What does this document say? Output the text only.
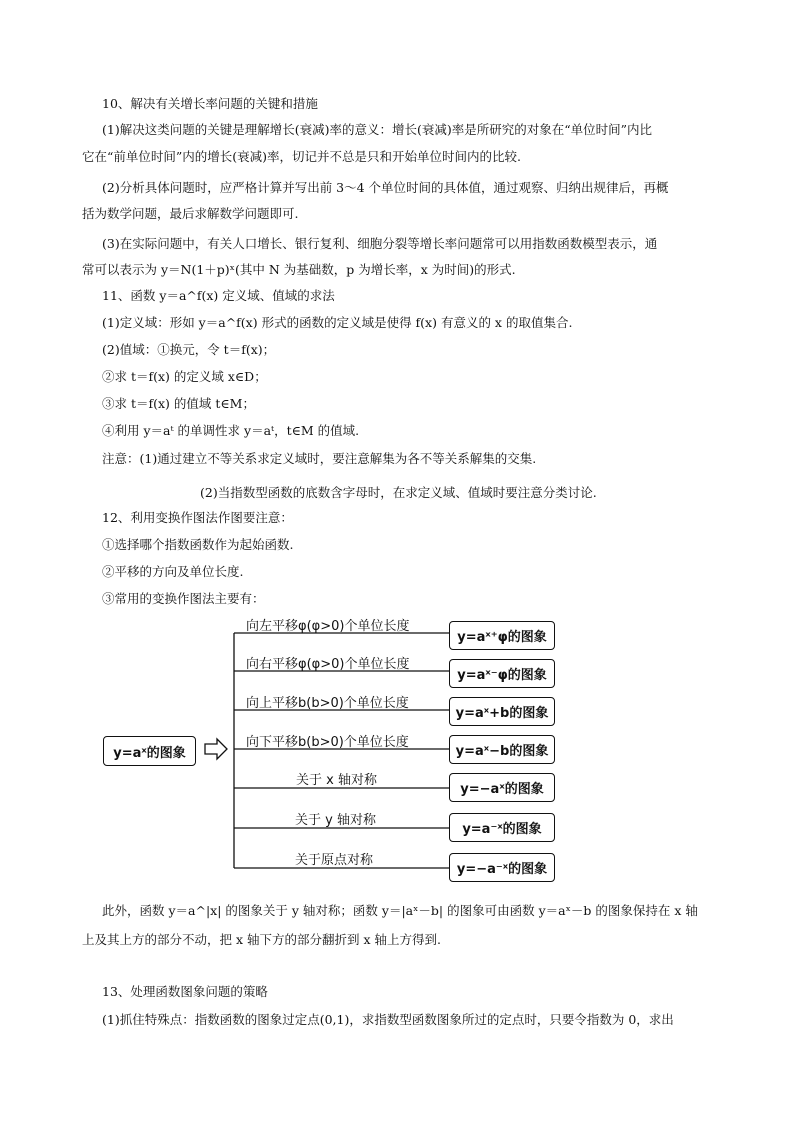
10、解决有关增长率问题的关键和措施
(1)解决这类问题的关键是理解增长(衰减)率的意义：增长(衰减)率是所研究的对象在“单位时间”内比
它在“前单位时间”内的增长(衰减)率，切记并不总是只和开始单位时间内的比较.
(2)分析具体问题时，应严格计算并写出前 3～4 个单位时间的具体值，通过观察、归纳出规律后，再概
括为数学问题，最后求解数学问题即可.
(3)在实际问题中，有关人口增长、银行复利、细胞分裂等增长率问题常可以用指数函数模型表示，通
常可以表示为 y＝N(1＋p)ˣ(其中 N 为基础数，p 为增长率，x 为时间)的形式.
11、函数 y＝a^f(x) 定义域、值域的求法
(1)定义域：形如 y＝a^f(x) 形式的函数的定义域是使得 f(x) 有意义的 x 的取值集合.
(2)值域：①换元，令 t＝f(x)；
②求 t＝f(x) 的定义域 x∈D；
③求 t＝f(x) 的值域 t∈M；
④利用 y＝aᵗ 的单调性求 y＝aᵗ，t∈M 的值域.
注意：(1)通过建立不等关系求定义域时，要注意解集为各不等关系解集的交集.
(2)当指数型函数的底数含字母时，在求定义域、值域时要注意分类讨论.
12、利用变换作图法作图要注意：
①选择哪个指数函数作为起始函数.
②平移的方向及单位长度.
③常用的变换作图法主要有：
y=aˣ的图象
向左平移φ(φ>0)个单位长度
向右平移φ(φ>0)个单位长度
向上平移b(b>0)个单位长度
向下平移b(b>0)个单位长度
关于 x 轴对称
关于 y 轴对称
关于原点对称
y=aˣ⁺φ的图象
y=aˣ⁻φ的图象
y=aˣ+b的图象
y=aˣ−b的图象
y=−aˣ的图象
y=a⁻ˣ的图象
y=−a⁻ˣ的图象
此外，函数 y＝a^|x| 的图象关于 y 轴对称；函数 y＝|aˣ－b| 的图象可由函数 y＝aˣ－b 的图象保持在 x 轴
上及其上方的部分不动，把 x 轴下方的部分翻折到 x 轴上方得到.
13、处理函数图象问题的策略
(1)抓住特殊点：指数函数的图象过定点(0,1)，求指数型函数图象所过的定点时，只要令指数为 0，求出
